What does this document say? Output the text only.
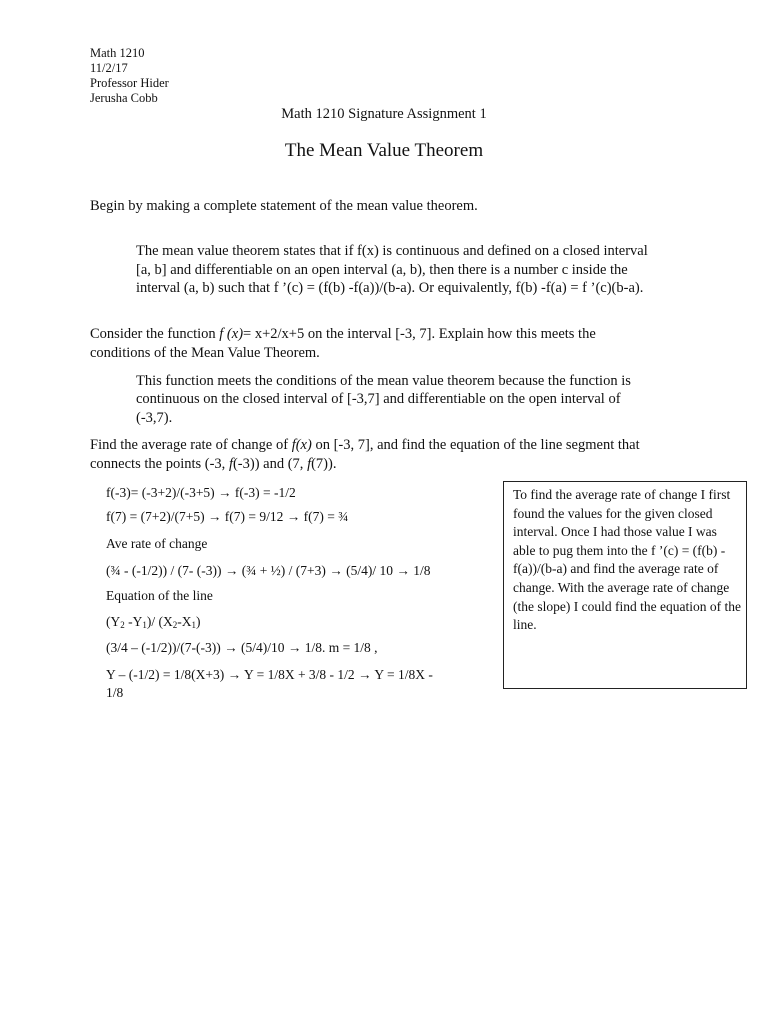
Math 1210
11/2/17
Professor Hider
Jerusha Cobb
Math 1210 Signature Assignment 1
The Mean Value Theorem
Begin by making a complete statement of the mean value theorem.
The mean value theorem states that if f(x) is continuous and defined on a closed interval
[a, b] and differentiable on an open interval (a, b), then there is a number c inside the
interval (a, b) such that f ’(c) = (f(b) -f(a))/(b-a). Or equivalently, f(b) -f(a) = f ’(c)(b-a).
Consider the function f (x)= x+2/x+5 on the interval [-3, 7]. Explain how this meets the
conditions of the Mean Value Theorem.
This function meets the conditions of the mean value theorem because the function is
continuous on the closed interval of [-3,7] and differentiable on the open interval of
(-3,7).
Find the average rate of change of f(x) on [-3, 7], and find the equation of the line segment that
connects the points (-3, f(-3)) and (7, f(7)).
f(-3)= (-3+2)/(-3+5) → f(-3) = -1/2
f(7) = (7+2)/(7+5) → f(7) = 9/12 → f(7) = ¾
Ave rate of change
(¾ - (-1/2)) / (7- (-3)) → (¾ + ½) / (7+3) → (5/4)/ 10 → 1/8
Equation of the line
($Y_2$ $-Y_1)/$ $(X_2-X_1)$
(3/4 – (-1/2))/(7-(-3)) → (5/4)/10 → 1/8. m = 1/8 ,
Y – (-1/2) = 1/8(X+3) → Y = 1/8X + 3/8 - 1/2 → Y = 1/8X -
1/8
To find the average rate of change I first found the values for the given closed interval. Once I had those value I was able to pug them into the f ’(c) = (f(b) -f(a))/(b-a) and find the average rate of change. With the average rate of change (the slope) I could find the equation of the line.
